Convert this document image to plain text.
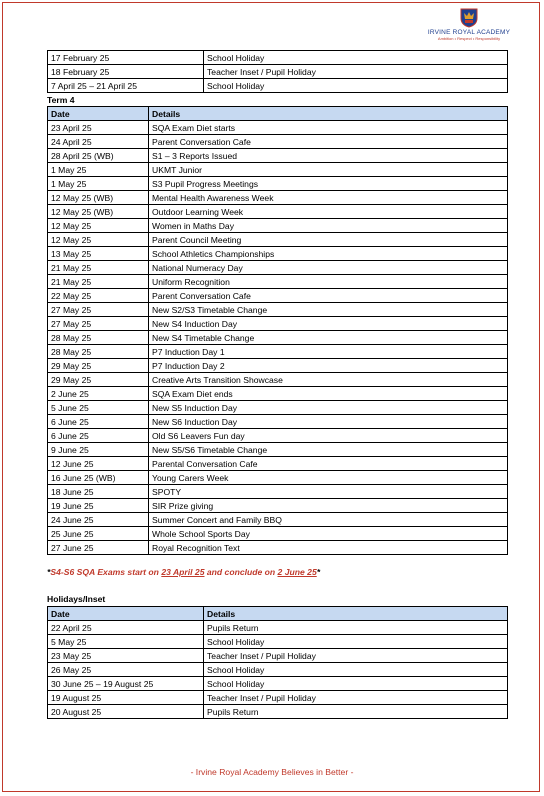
IRVINE ROYAL ACADEMY
Ambition • Respect • Responsibility
17 February 25	School Holiday
18 February 25	Teacher Inset / Pupil Holiday
7 April 25 – 21 April 25	School Holiday
Term 4
Date	Details
23 April 25	SQA Exam Diet starts
24 April 25	Parent Conversation Cafe
28 April 25 (WB)	S1 – 3 Reports Issued
1 May 25	UKMT Junior
1 May 25	S3 Pupil Progress Meetings
12 May 25 (WB)	Mental Health Awareness Week
12 May 25 (WB)	Outdoor Learning Week
12 May 25	Women in Maths Day
12 May 25	Parent Council Meeting
13 May 25	School Athletics Championships
21 May 25	National Numeracy Day
21 May 25	Uniform Recognition
22 May 25	Parent Conversation Cafe
27 May 25	New S2/S3 Timetable Change
27 May 25	New S4 Induction Day
28 May 25	New S4 Timetable Change
28 May 25	P7 Induction Day 1
29 May 25	P7 Induction Day 2
29 May 25	Creative Arts Transition Showcase
2 June 25	SQA Exam Diet ends
5 June 25	New S5 Induction Day
6 June 25	New S6 Induction Day
6 June 25	Old S6 Leavers Fun day
9 June 25	New S5/S6 Timetable Change
12 June 25	Parental Conversation Cafe
16 June 25 (WB)	Young Carers Week
18 June 25	SPOTY
19 June 25	SIR Prize giving
24 June 25	Summer Concert and Family BBQ
25 June 25	Whole School Sports Day
27 June 25	Royal Recognition Text
*S4-S6 SQA Exams start on 23 April 25 and conclude on 2 June 25*
Holidays/Inset
Date	Details
22 April 25	Pupils Return
5 May 25	School Holiday
23 May 25	Teacher Inset / Pupil Holiday
26 May 25	School Holiday
30 June 25 – 19 August 25	School Holiday
19 August 25	Teacher Inset / Pupil Holiday
20 August 25	Pupils Return
- Irvine Royal Academy Believes in Better -
